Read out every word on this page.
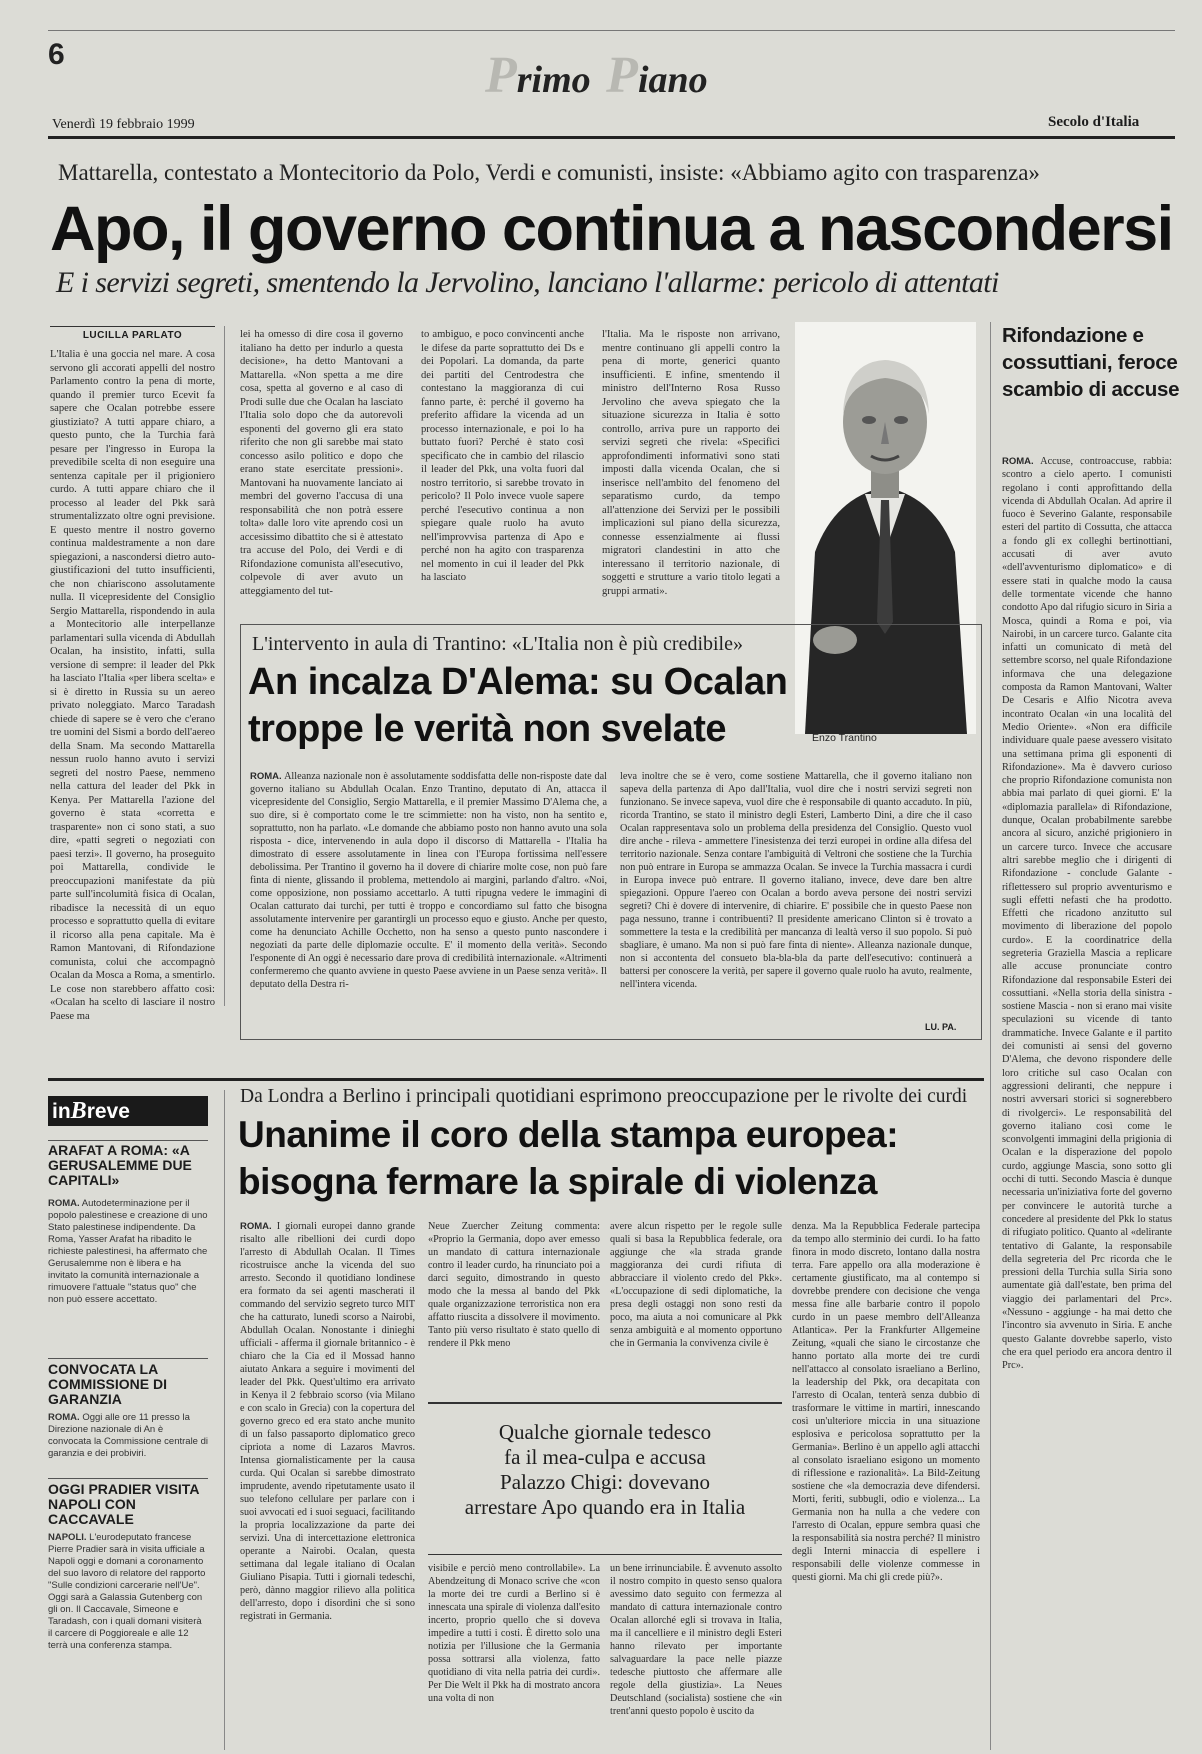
6	Primo Piano
Venerdì 19 febbraio 1999	Secolo d'Italia
Mattarella, contestato a Montecitorio da Polo, Verdi e comunisti, insiste: «Abbiamo agito con trasparenza»
Apo, il governo continua a nascondersi
E i servizi segreti, smentendo la Jervolino, lanciano l'allarme: pericolo di attentati
LUCILLA PARLATO

L'Italia è una goccia nel mare. A cosa servono gli accorati appelli del nostro Parlamento contro la pena di morte, quando il premier turco Ecevit fa sapere che Ocalan potrebbe essere giustiziato? A tutti appare chiaro, a questo punto, che la Turchia farà pesare per l'ingresso in Europa la prevedibile scelta di non eseguire una sentenza capitale per il prigioniero curdo. A tutti appare chiaro che il processo al leader del Pkk sarà strumentalizzato oltre ogni previsione. E questo mentre il nostro governo continua maldestramente a non dare spiegazioni, a nascondersi dietro auto-giustificazioni del tutto insufficienti, che non chiariscono assolutamente nulla. Il vicepresidente del Consiglio Sergio Mattarella, rispondendo in aula a Montecitorio alle interpellanze parlamentari sulla vicenda di Abdullah Ocalan, ha insistito, infatti, sulla versione di sempre: il leader del Pkk ha lasciato l'Italia «per libera scelta» e si è diretto in Russia su un aereo privato noleggiato. Marco Taradash chiede di sapere se è vero che c'erano tre uomini del Sismi a bordo dell'aereo della Snam. Ma secondo Mattarella nessun ruolo hanno avuto i servizi segreti del nostro Paese, nemmeno nella cattura del leader del Pkk in Kenya. Per Mattarella l'azione del governo è stata «corretta e trasparente» non ci sono stati, a suo dire, «patti segreti o negoziati con paesi terzi». Il governo, ha proseguito poi Mattarella, condivide le preoccupazioni manifestate da più parte sull'incolumità fisica di Ocalan, ribadisce la necessità di un equo processo e soprattutto quella di evitare il ricorso alla pena capitale. Ma è Ramon Mantovani, di Rifondazione comunista, colui che accompagnò Ocalan da Mosca a Roma, a smentirlo. Le cose non starebbero affatto così: «Ocalan ha scelto di lasciare il nostro Paese ma

lei ha omesso di dire cosa il governo italiano ha detto per indurlo a questa decisione», ha detto Mantovani a Mattarella. «Non spetta a me dire cosa, spetta al governo e al caso di Prodi sulle due che Ocalan ha lasciato l'Italia solo dopo che da autorevoli esponenti del governo gli era stato riferito che non gli sarebbe mai stato concesso asilo politico e dopo che erano state esercitate pressioni». Mantovani ha nuovamente lanciato ai membri del governo l'accusa di una responsabilità che non potrà essere tolta» dalle loro vite aprendo così un accesissimo dibattito che si è attestato tra accuse del Polo, dei Verdi e di Rifondazione comunista all'esecutivo, colpevole di aver avuto un atteggiamento del tut-

to ambiguo, e poco convincenti anche le difese da parte soprattutto dei Ds e dei Popolari. La domanda, da parte dei partiti del Centrodestra che contestano la maggioranza di cui fanno parte, è: perché il governo ha preferito affidare la vicenda ad un processo internazionale, e poi lo ha buttato fuori? Perché è stato così specificato che in cambio del rilascio il leader del Pkk, una volta fuori dal nostro territorio, si sarebbe trovato in pericolo? Il Polo invece vuole sapere perché l'esecutivo continua a non spiegare quale ruolo ha avuto nell'improvvisa partenza di Apo e perché non ha agito con trasparenza nel momento in cui il leader del Pkk ha lasciato

l'Italia. Ma le risposte non arrivano, mentre continuano gli appelli contro la pena di morte, generici quanto insufficienti. E infine, smentendo il ministro dell'Interno Rosa Russo Jervolino che aveva spiegato che la situazione sicurezza in Italia è sotto controllo, arriva pure un rapporto dei servizi segreti che rivela: «Specifici approfondimenti informativi sono stati imposti dalla vicenda Ocalan, che si inserisce nell'ambito del fenomeno del separatismo curdo, da tempo all'attenzione dei Servizi per le possibili implicazioni sul piano della sicurezza, connesse essenzialmente ai flussi migratori clandestini in atto che interessano il territorio nazionale, di soggetti e strutture a vario titolo legati a gruppi armati».

L'intervento in aula di Trantino: «L'Italia non è più credibile»
An incalza D'Alema: su Ocalan
troppe le verità non svelate	Enzo Trantino

ROMA. Alleanza nazionale non è assolutamente soddisfatta delle non-risposte date dal governo italiano su Abdullah Ocalan. Enzo Trantino, deputato di An, attacca il vicepresidente del Consiglio, Sergio Mattarella, e il premier Massimo D'Alema che, a suo dire, si è comportato come le tre scimmiette: non ha visto, non ha sentito e, soprattutto, non ha parlato. «Le domande che abbiamo posto non hanno avuto una sola risposta - dice, intervenendo in aula dopo il discorso di Mattarella - l'Italia ha dimostrato di essere assolutamente in linea con l'Europa fortissima nell'essere debolissima. Per Trantino il governo ha il dovere di chiarire molte cose, non può fare finta di niente, glissando il problema, mettendolo ai margini, parlando d'altro. «Noi, come opposizione, non possiamo accettarlo. A tutti ripugna vedere le immagini di Ocalan catturato dai turchi, per tutti è troppo e concordiamo sul fatto che bisogna assolutamente intervenire per garantirgli un processo equo e giusto. Anche per questo, come ha denunciato Achille Occhetto, non ha senso a questo punto nascondere i negoziati da parte delle diplomazie occulte. E' il momento della verità». Secondo l'esponente di An oggi è necessario dare prova di credibilità internazionale. «Altrimenti confermeremo che quanto avviene in questo Paese avviene in un Paese senza verità». Il deputato della Destra ri-

leva inoltre che se è vero, come sostiene Mattarella, che il governo italiano non sapeva della partenza di Apo dall'Italia, vuol dire che i nostri servizi segreti non funzionano. Se invece sapeva, vuol dire che è responsabile di quanto accaduto. In più, ricorda Trantino, se stato il ministro degli Esteri, Lamberto Dini, a dire che il caso Ocalan rappresentava solo un problema della presidenza del Consiglio. Questo vuol dire anche - rileva - ammettere l'inesistenza dei terzi europei in ordine alla difesa del territorio nazionale. Senza contare l'ambiguità di Veltroni che sostiene che la Turchia non può entrare in Europa se ammazza Ocalan. Se invece la Turchia massacra i curdi in Europa invece può entrare. Il governo italiano, invece, deve dare ben altre spiegazioni. Oppure l'aereo con Ocalan a bordo aveva persone dei nostri servizi segreti? Chi è dovere di intervenire, di chiarire. E' possibile che in questo Paese non paga nessuno, tranne i contribuenti? Il presidente americano Clinton si è trovato a sommettere la testa e la credibilità per mancanza di lealtà verso il suo popolo. Si può sbagliare, è umano. Ma non si può fare finta di niente». Alleanza nazionale dunque, non si accontenta del consueto bla-bla-bla da parte dell'esecutivo: continuerà a battersi per conoscere la verità, per sapere il governo quale ruolo ha avuto, realmente, nell'intera vicenda.

LU. PA.
Rifondazione e cossuttiani, feroce scambio di accuse

ROMA. Accuse, controaccuse, rabbia: scontro a cielo aperto. I comunisti regolano i conti approfittando della vicenda di Abdullah Ocalan. Ad aprire il fuoco è Severino Galante, responsabile esteri del partito di Cossutta, che attacca a fondo gli ex colleghi bertinottiani, accusati di aver avuto «dell'avventurismo diplomatico» e di essere stati in qualche modo la causa delle tormentate vicende che hanno condotto Apo dal rifugio sicuro in Siria a Mosca, quindi a Roma e poi, via Nairobi, in un carcere turco. Galante cita infatti un comunicato di metà del settembre scorso, nel quale Rifondazione informava che una delegazione composta da Ramon Mantovani, Walter De Cesaris e Alfio Nicotra aveva incontrato Ocalan «in una località del Medio Oriente». «Non era difficile individuare quale paese avessero visitato una settimana prima gli esponenti di Rifondazione». Ma è davvero curioso che proprio Rifondazione comunista non abbia mai parlato di quei giorni. E' la «diplomazia parallela» di Rifondazione, dunque, Ocalan probabilmente sarebbe ancora al sicuro, anziché prigioniero in un carcere turco. Invece che accusare altri sarebbe meglio che i dirigenti di Rifondazione - conclude Galante - riflettessero sul proprio avventurismo e sugli effetti nefasti che ha prodotto. Effetti che ricadono anzitutto sul movimento di liberazione del popolo curdo». E la coordinatrice della segreteria Graziella Mascia a replicare alle accuse pronunciate contro Rifondazione dal responsabile Esteri dei cossuttiani. «Nella storia della sinistra - sostiene Mascia - non si erano mai visite speculazioni su vicende di tanto drammatiche. Invece Galante e il partito dei comunisti ai sensi del governo D'Alema, che devono rispondere delle loro critiche sul caso Ocalan con aggressioni deliranti, che neppure i nostri avversari storici si sognerebbero di rivolgerci». Le responsabilità del governo italiano così come le sconvolgenti immagini della prigionia di Ocalan e la disperazione del popolo curdo, aggiunge Mascia, sono sotto gli occhi di tutti. Secondo Mascia è dunque necessaria un'iniziativa forte del governo per convincere le autorità turche a concedere al presidente del Pkk lo status di rifugiato politico. Quanto al «delirante tentativo di Galante, la responsabile della segreteria del Prc ricorda che le pressioni della Turchia sulla Siria sono aumentate già dall'estate, ben prima del viaggio dei parlamentari del Prc». «Nessuno - aggiunge - ha mai detto che l'incontro sia avvenuto in Siria. E anche questo Galante dovrebbe saperlo, visto che era quel periodo era ancora dentro il Prc».

inBreve
ARAFAT A ROMA: «A GERUSALEMME DUE CAPITALI»
ROMA. Autodeterminazione per il popolo palestinese e creazione di uno Stato palestinese indipendente. Da Roma, Yasser Arafat ha ribadito le richieste palestinesi, ha affermato che Gerusalemme non è libera e ha invitato la comunità internazionale a rimuovere l'attuale "status quo" che non può essere accettato.
CONVOCATA LA COMMISSIONE DI GARANZIA
ROMA. Oggi alle ore 11 presso la Direzione nazionale di An è convocata la Commissione centrale di garanzia e dei probiviri.
OGGI PRADIER VISITA NAPOLI CON CACCAVALE
NAPOLI. L'eurodeputato francese Pierre Pradier sarà in visita ufficiale a Napoli oggi e domani a coronamento del suo lavoro di relatore del rapporto "Sulle condizioni carcerarie nell'Ue". Oggi sarà a Galassia Gutenberg con gli on. Il Caccavale, Simeone e Taradash, con i quali domani visiterà il carcere di Poggioreale e alle 12 terrà una conferenza stampa.
Da Londra a Berlino i principali quotidiani esprimono preoccupazione per le rivolte dei curdi
Unanime il coro della stampa europea:
bisogna fermare la spirale di violenza

ROMA. I giornali europei danno grande risalto alle ribellioni dei curdi dopo l'arresto di Abdullah Ocalan. Il Times ricostruisce anche la vicenda del suo arresto. Secondo il quotidiano londinese era formato da sei agenti mascherati il commando del servizio segreto turco MIT che ha catturato, lunedì scorso a Nairobi, Abdullah Ocalan. Nonostante i dinieghi ufficiali - afferma il giornale britannico - è chiaro che la Cia ed il Mossad hanno aiutato Ankara a seguire i movimenti del leader del Pkk. Quest'ultimo era arrivato in Kenya il 2 febbraio scorso (via Milano e con scalo in Grecia) con la copertura del governo greco ed era stato anche munito di un falso passaporto diplomatico greco cipriota a nome di Lazaros Mavros. Intensa giornalisticamente per la causa curda. Qui Ocalan si sarebbe dimostrato imprudente, avendo ripetutamente usato il suo telefono cellulare per parlare con i suoi avvocati ed i suoi seguaci, facilitando la propria localizzazione da parte dei servizi. Una di intercettazione elettronica operante a Nairobi. Ocalan, questa settimana dal legale italiano di Ocalan Giuliano Pisapia. Tutti i giornali tedeschi, però, dànno maggior rilievo alla politica dell'arresto, dopo i disordini che si sono registrati in Germania.

Neue Zuercher Zeitung commenta: «Proprio la Germania, dopo aver emesso un mandato di cattura internazionale contro il leader curdo, ha rinunciato poi a darci seguito, dimostrando in questo modo che la messa al bando del Pkk quale organizzazione terroristica non era affatto riuscita a dissolvere il movimento. Tanto più verso risultato è stato quello di rendere il Pkk meno

avere alcun rispetto per le regole sulle quali si basa la Repubblica federale, ora aggiunge che «la strada grande maggioranza dei curdi rifiuta di abbracciare il violento credo del Pkk». «L'occupazione di sedi diplomatiche, la presa degli ostaggi non sono resti da poco, ma aiuta a noi comunicare al Pkk senza ambiguità e al momento opportuno che in Germania la convivenza civile è

denza. Ma la Repubblica Federale partecipa da tempo allo sterminio dei curdi. Io ha fatto finora in modo discreto, lontano dalla nostra terra. Fare appello ora alla moderazione è certamente giustificato, ma al contempo si dovrebbe prendere con decisione che venga messa fine alle barbarie contro il popolo curdo in un paese membro dell'Alleanza Atlantica». Per la Frankfurter Allgemeine Zeitung, «quali che siano le circostanze che hanno portato alla morte dei tre curdi nell'attacco al consolato israeliano a Berlino, la leadership del Pkk, ora decapitata con l'arresto di Ocalan, tenterà senza dubbio di trasformare le vittime in martiri, innescando così un'ulteriore miccia in una situazione esplosiva e pericolosa soprattutto per la Germania». Berlino è un appello agli attacchi al consolato israeliano esigono un momento di riflessione e razionalità». La Bild-Zeitung sostiene che «la democrazia deve difendersi. Morti, feriti, subbugli, odio e violenza... La Germania non ha nulla a che vedere con l'arresto di Ocalan, eppure sembra quasi che la responsabilità sia nostra perché? Il ministro degli Interni minaccia di espellere i responsabili delle violenze commesse in questi giorni. Ma chi gli crede più?».

Qualche giornale tedesco
fa il mea-culpa e accusa
Palazzo Chigi: dovevano
arrestare Apo quando era in Italia

visibile e perciò meno controllabile». La Abendzeitung di Monaco scrive che «con la morte dei tre curdi a Berlino si è innescata una spirale di violenza dall'esito incerto, proprio quello che si doveva impedire a tutti i costi. È diretto solo una notizia per l'illusione che la Germania possa sottrarsi alla violenza, fatto quotidiano di vita nella patria dei curdi». Per Die Welt il Pkk ha di mostrato ancora una volta di non

un bene irrinunciabile. È avvenuto assolto il nostro compito in questo senso qualora avessimo dato seguito con fermezza al mandato di cattura internazionale contro Ocalan allorché egli si trovava in Italia, ma il cancelliere e il ministro degli Esteri hanno rilevato per importante salvaguardare la pace nelle piazze tedesche piuttosto che affermare alle regole della giustizia». La Neues Deutschland (socialista) sostiene che «in trent'anni questo popolo è uscito da
